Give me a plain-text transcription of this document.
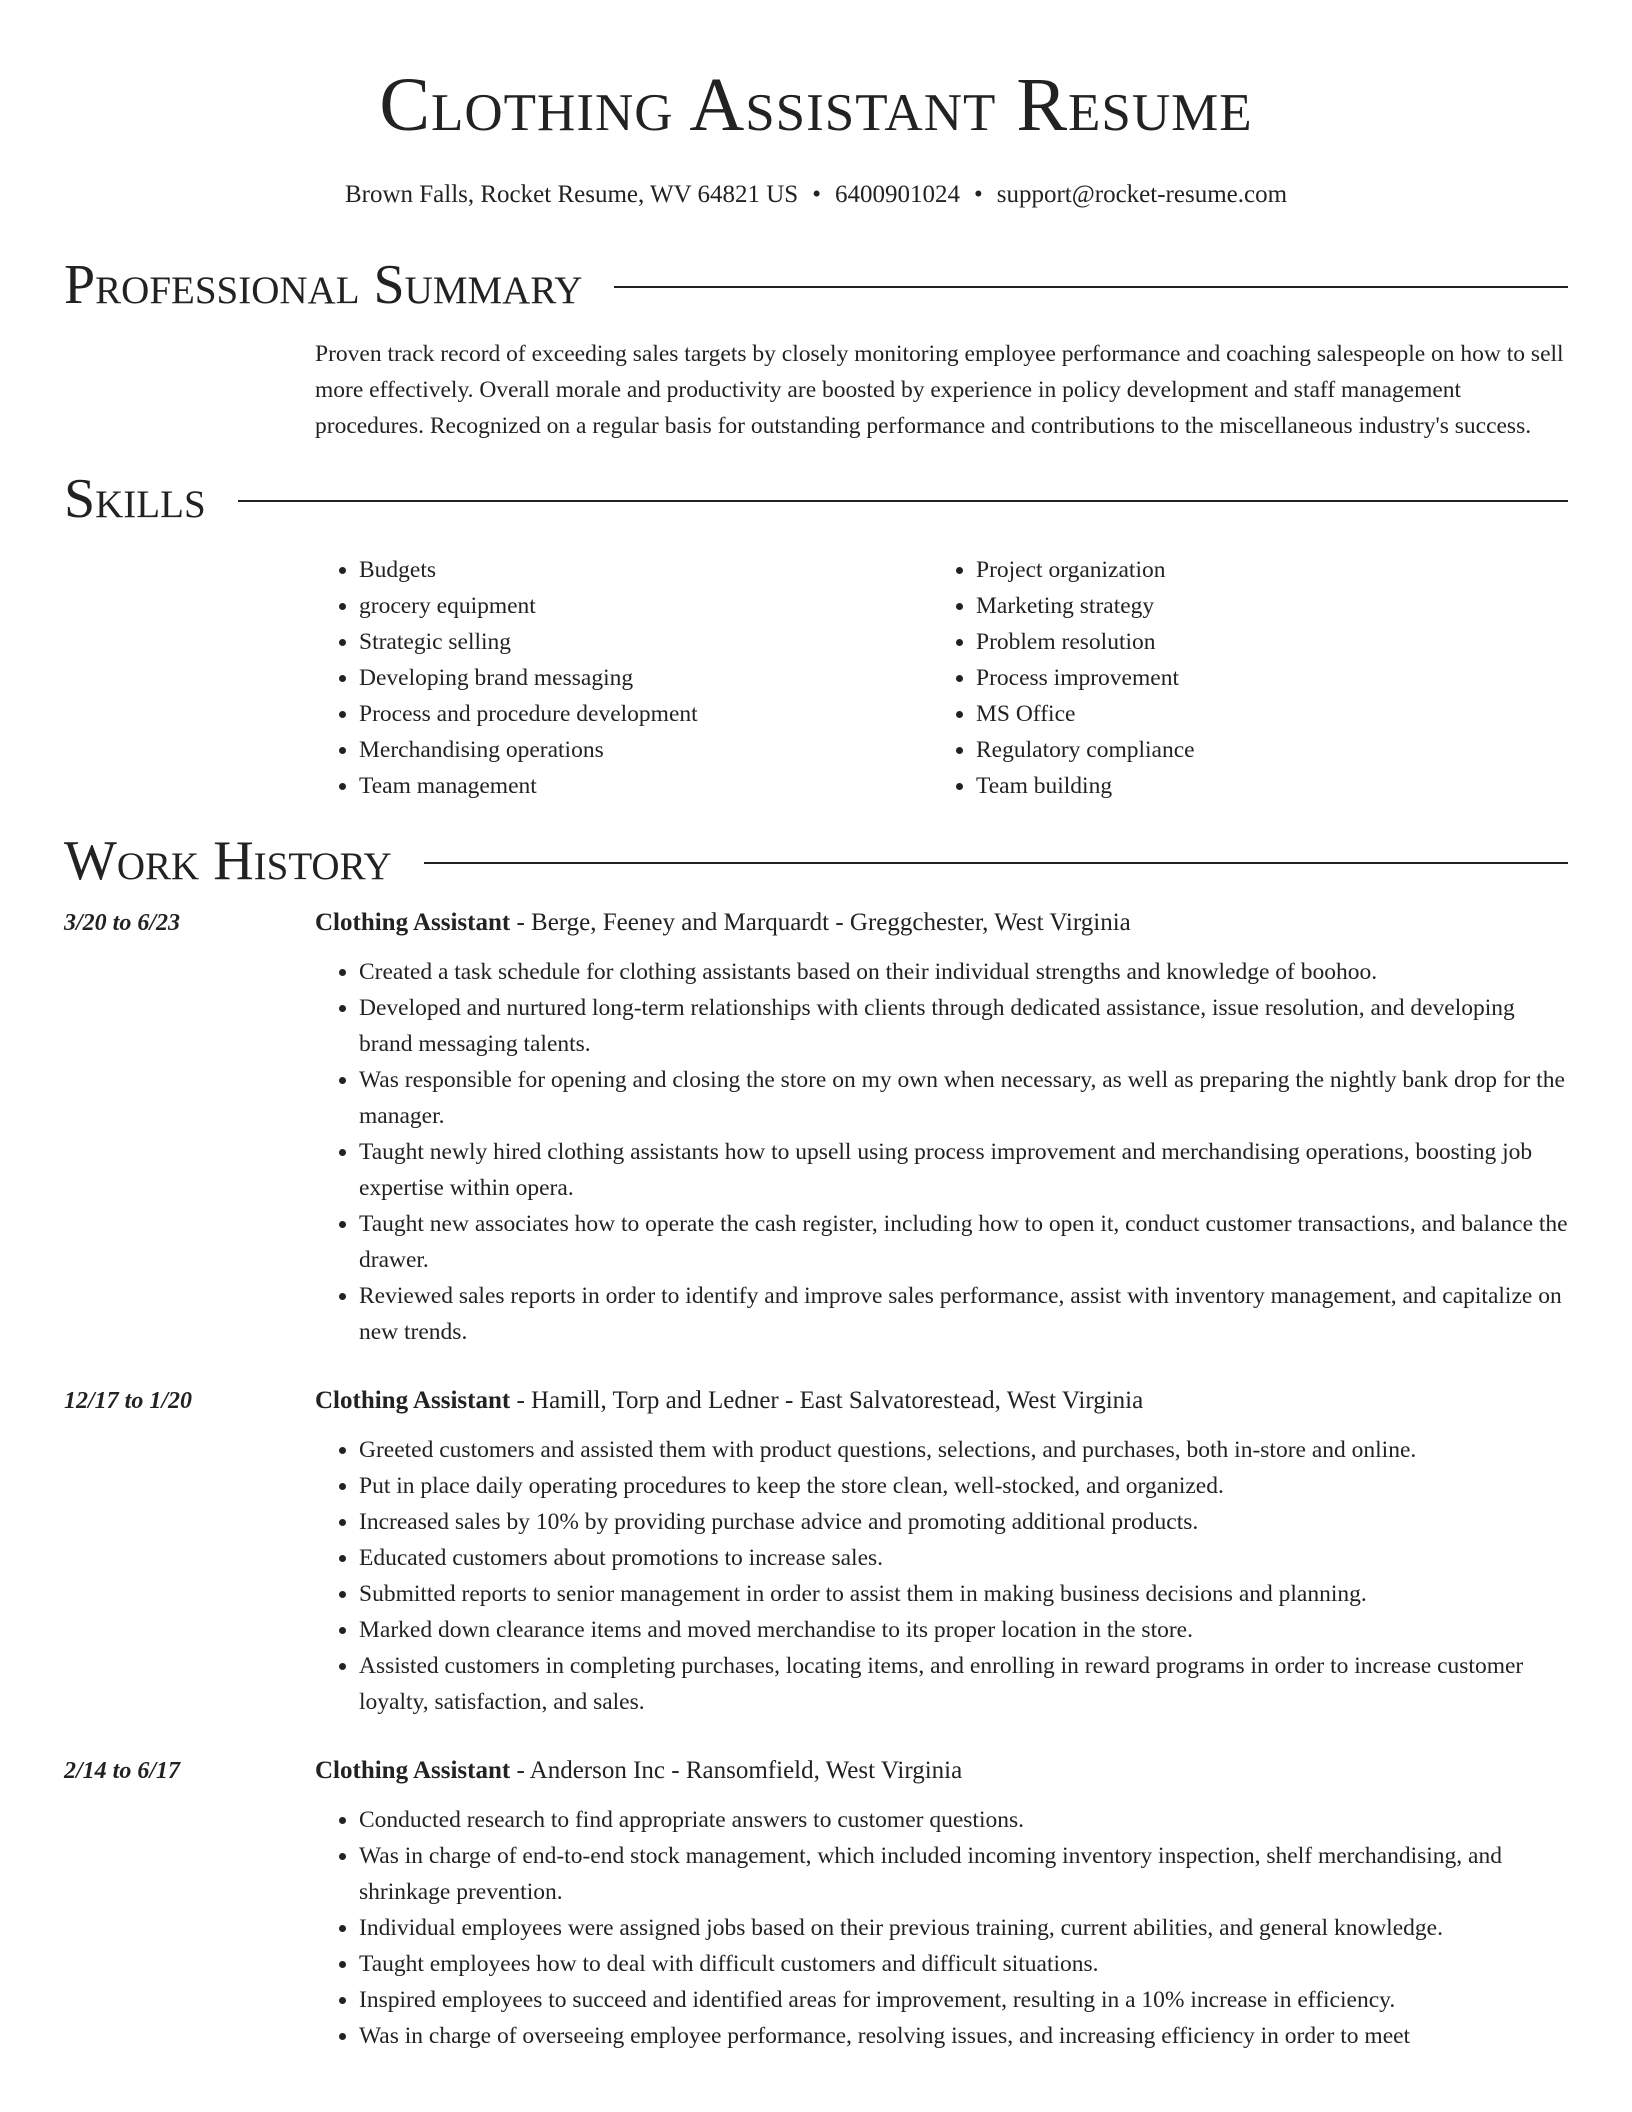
Clothing Assistant Resume
Brown Falls, Rocket Resume, WV 64821 US • 6400901024 • support@rocket-resume.com
Professional Summary
Proven track record of exceeding sales targets by closely monitoring employee performance and coaching salespeople on how to sell more effectively. Overall morale and productivity are boosted by experience in policy development and staff management procedures. Recognized on a regular basis for outstanding performance and contributions to the miscellaneous industry's success.
Skills
• Budgets
• grocery equipment
• Strategic selling
• Developing brand messaging
• Process and procedure development
• Merchandising operations
• Team management
• Project organization
• Marketing strategy
• Problem resolution
• Process improvement
• MS Office
• Regulatory compliance
• Team building
Work History
3/20 to 6/23	Clothing Assistant - Berge, Feeney and Marquardt - Greggchester, West Virginia
• Created a task schedule for clothing assistants based on their individual strengths and knowledge of boohoo.
• Developed and nurtured long-term relationships with clients through dedicated assistance, issue resolution, and developing brand messaging talents.
• Was responsible for opening and closing the store on my own when necessary, as well as preparing the nightly bank drop for the manager.
• Taught newly hired clothing assistants how to upsell using process improvement and merchandising operations, boosting job expertise within opera.
• Taught new associates how to operate the cash register, including how to open it, conduct customer transactions, and balance the drawer.
• Reviewed sales reports in order to identify and improve sales performance, assist with inventory management, and capitalize on new trends.
12/17 to 1/20	Clothing Assistant - Hamill, Torp and Ledner - East Salvatorestead, West Virginia
• Greeted customers and assisted them with product questions, selections, and purchases, both in-store and online.
• Put in place daily operating procedures to keep the store clean, well-stocked, and organized.
• Increased sales by 10% by providing purchase advice and promoting additional products.
• Educated customers about promotions to increase sales.
• Submitted reports to senior management in order to assist them in making business decisions and planning.
• Marked down clearance items and moved merchandise to its proper location in the store.
• Assisted customers in completing purchases, locating items, and enrolling in reward programs in order to increase customer loyalty, satisfaction, and sales.
2/14 to 6/17	Clothing Assistant - Anderson Inc - Ransomfield, West Virginia
• Conducted research to find appropriate answers to customer questions.
• Was in charge of end-to-end stock management, which included incoming inventory inspection, shelf merchandising, and shrinkage prevention.
• Individual employees were assigned jobs based on their previous training, current abilities, and general knowledge.
• Taught employees how to deal with difficult customers and difficult situations.
• Inspired employees to succeed and identified areas for improvement, resulting in a 10% increase in efficiency.
• Was in charge of overseeing employee performance, resolving issues, and increasing efficiency in order to meet
